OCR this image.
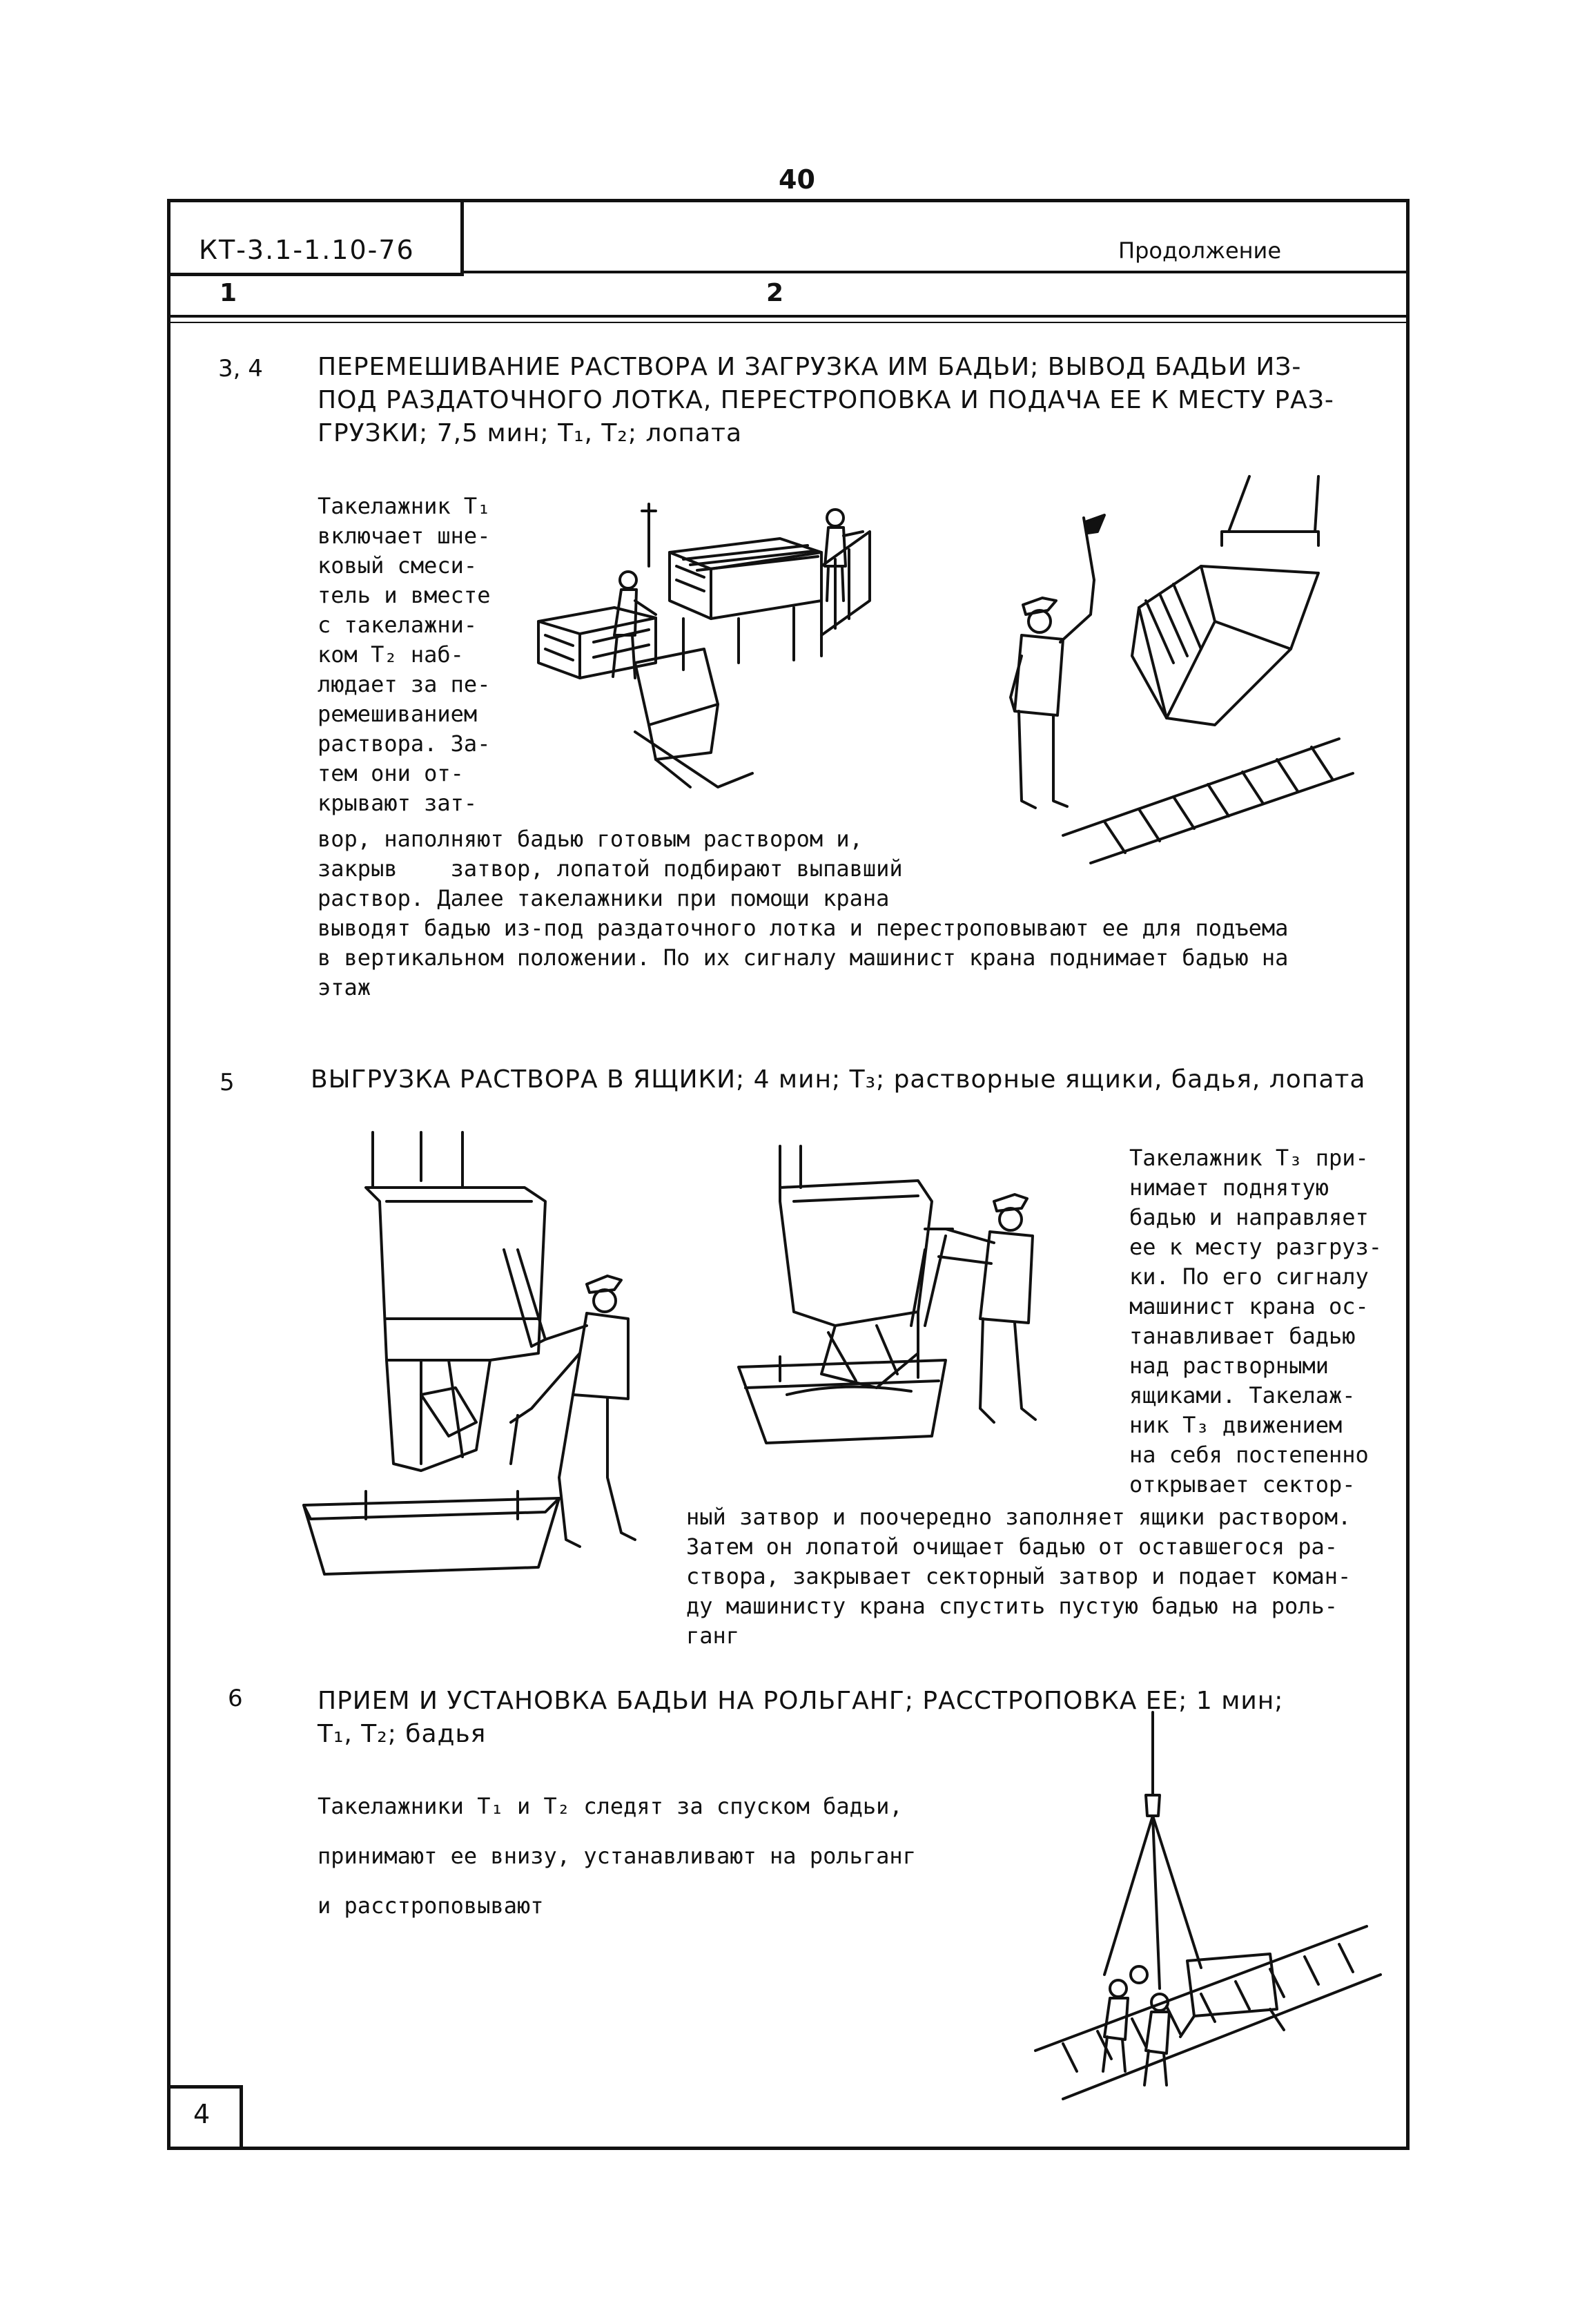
40
КТ-3.1-1.10-76	Продолжение
1	2
3, 4 ПЕРЕМЕШИВАНИЕ РАСТВОРА И ЗАГРУЗКА ИМ БАДЬИ; ВЫВОД БАДЬИ ИЗ-
ПОД РАЗДАТОЧНОГО ЛОТКА, ПЕРЕСТРОПОВКА И ПОДАЧА ЕЕ К МЕСТУ РАЗ-
ГРУЗКИ; 7,5 мин; Т₁, Т₂; лопата
Такелажник Т₁
включает шне-
ковый смеси-
тель и вместе
с такелажни-
ком Т₂ наб-
людает за пе-
ремешиванием
раствора. За-
тем они от-
крывают зат-
вор, наполняют бадью готовым раствором и,
закрыв    затвор, лопатой подбирают выпавший
раствор. Далее такелажники при помощи крана
выводят бадью из-под раздаточного лотка и перестроповывают ее для подъема
в вертикальном положении. По их сигналу машинист крана поднимает бадью на
этаж
5	ВЫГРУЗКА РАСТВОРА В ЯЩИКИ; 4 мин; Т₃; растворные ящики, бадья, лопата
Такелажник Т₃ при-
нимает поднятую
бадью и направляет
ее к месту разгруз-
ки. По его сигналу
машинист крана ос-
танавливает бадью
над растворными
ящиками. Такелаж-
ник Т₃ движением
на себя постепенно
открывает сектор-
ный затвор и поочередно заполняет ящики раствором.
Затем он лопатой очищает бадью от оставшегося ра-
створа, закрывает секторный затвор и подает коман-
ду машинисту крана спустить пустую бадью на роль-
ганг
6	ПРИЕМ И УСТАНОВКА БАДЬИ НА РОЛЬГАНГ; РАССТРОПОВКА ЕЕ; 1 мин;
Т₁, Т₂; бадья
Такелажники Т₁ и Т₂ следят за спуском бадьи,
принимают ее внизу, устанавливают на рольганг
и расстроповывают
4
